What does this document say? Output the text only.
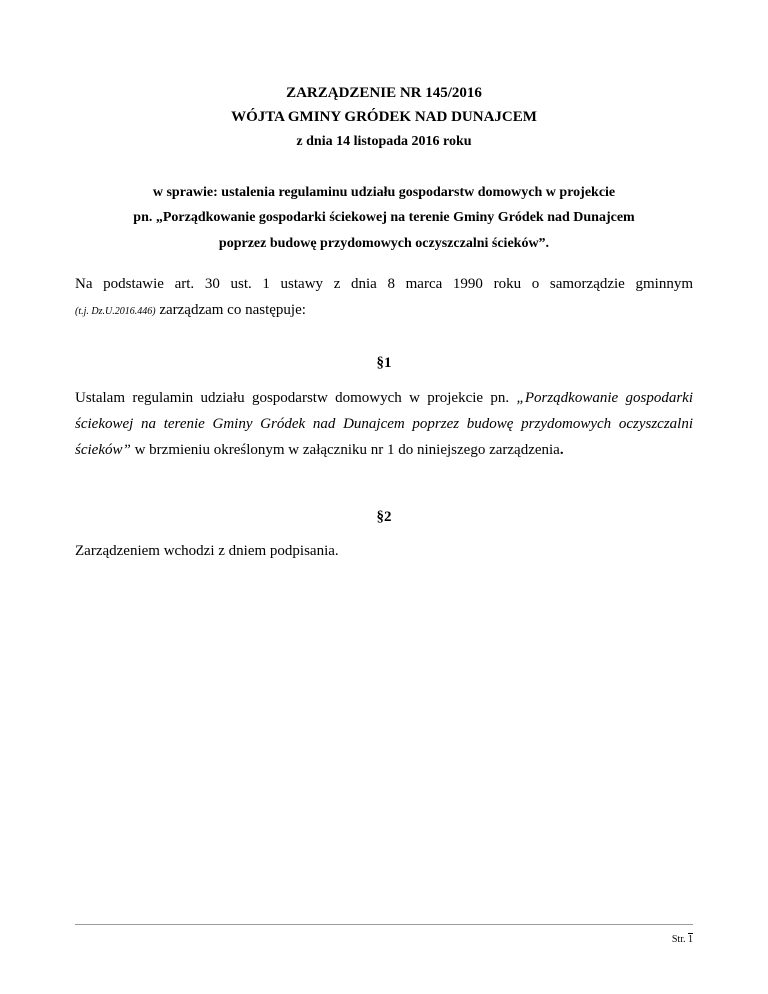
ZARZĄDZENIE NR 145/2016
WÓJTA GMINY GRÓDEK NAD DUNAJCEM
z dnia 14 listopada 2016 roku
w sprawie: ustalenia regulaminu udziału gospodarstw domowych w projekcie
pn. „Porządkowanie gospodarki ściekowej na terenie Gminy Gródek nad Dunajcem
poprzez budowę przydomowych oczyszczalni ścieków”.
Na podstawie art. 30 ust. 1 ustawy z dnia 8 marca 1990 roku o samorządzie gminnym
(t.j. Dz.U.2016.446) zarządzam co następuje:
§1
Ustalam regulamin udziału gospodarstw domowych w projekcie pn. „Porządkowanie gospodarki
ściekowej na terenie Gminy Gródek nad Dunajcem poprzez budowę przydomowych oczyszczalni
ścieków” w brzmieniu określonym w załączniku nr 1 do niniejszego zarządzenia.
§2
Zarządzeniem wchodzi z dniem podpisania.
Str. 1
